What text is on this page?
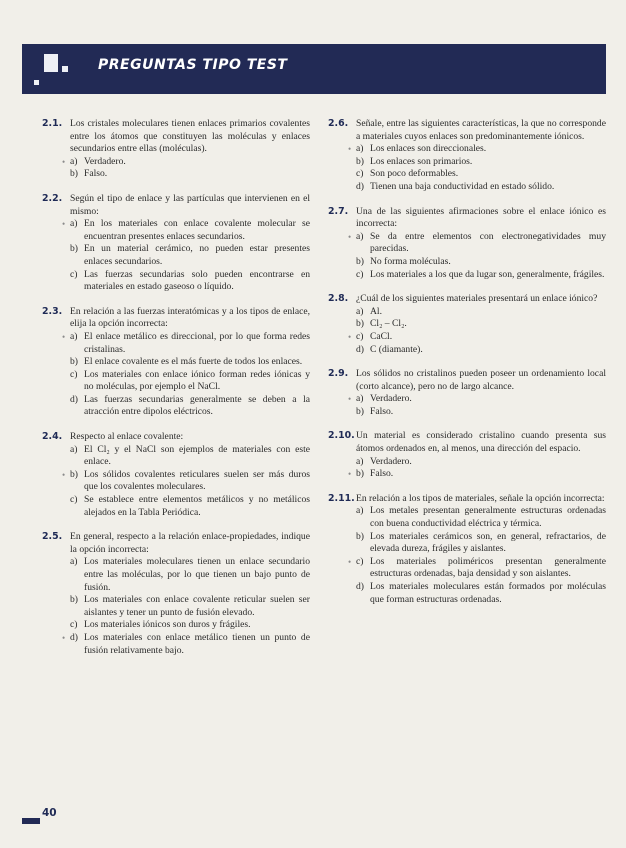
PREGUNTAS TIPO TEST
2.1. Los cristales moleculares tienen enlaces primarios covalentes entre los átomos que constituyen las moléculas y enlaces secundarios entre ellas (moléculas).
• a) Verdadero.
b) Falso.
2.2. Según el tipo de enlace y las partículas que intervienen en el mismo:
• a) En los materiales con enlace covalente molecular se encuentran presentes enlaces secundarios.
b) En un material cerámico, no pueden estar presentes enlaces secundarios.
c) Las fuerzas secundarias solo pueden encontrarse en materiales en estado gaseoso o líquido.
2.3. En relación a las fuerzas interatómicas y a los tipos de enlace, elija la opción incorrecta:
• a) El enlace metálico es direccional, por lo que forma redes cristalinas.
b) El enlace covalente es el más fuerte de todos los enlaces.
c) Los materiales con enlace iónico forman redes iónicas y no moléculas, por ejemplo el NaCl.
d) Las fuerzas secundarias generalmente se deben a la atracción entre dipolos eléctricos.
2.4. Respecto al enlace covalente:
a) El Cl₂ y el NaCl son ejemplos de materiales con este enlace.
• b) Los sólidos covalentes reticulares suelen ser más duros que los covalentes moleculares.
c) Se establece entre elementos metálicos y no metálicos alejados en la Tabla Periódica.
2.5. En general, respecto a la relación enlace-propiedades, indique la opción incorrecta:
a) Los materiales moleculares tienen un enlace secundario entre las moléculas, por lo que tienen un bajo punto de fusión.
b) Los materiales con enlace covalente reticular suelen ser aislantes y tener un punto de fusión elevado.
c) Los materiales iónicos son duros y frágiles.
• d) Los materiales con enlace metálico tienen un punto de fusión relativamente bajo.
2.6. Señale, entre las siguientes características, la que no corresponde a materiales cuyos enlaces son predominantemente iónicos.
• a) Los enlaces son direccionales.
b) Los enlaces son primarios.
c) Son poco deformables.
d) Tienen una baja conductividad en estado sólido.
2.7. Una de las siguientes afirmaciones sobre el enlace iónico es incorrecta:
• a) Se da entre elementos con electronegatividades muy parecidas.
b) No forma moléculas.
c) Los materiales a los que da lugar son, generalmente, frágiles.
2.8. ¿Cuál de los siguientes materiales presentará un enlace iónico?
a) Al.
b) Cl₂ – Cl₂.
• c) CaCl.
d) C (diamante).
2.9. Los sólidos no cristalinos pueden poseer un ordenamiento local (corto alcance), pero no de largo alcance.
• a) Verdadero.
b) Falso.
2.10. Un material es considerado cristalino cuando presenta sus átomos ordenados en, al menos, una dirección del espacio.
a) Verdadero.
• b) Falso.
2.11. En relación a los tipos de materiales, señale la opción incorrecta:
a) Los metales presentan generalmente estructuras ordenadas con buena conductividad eléctrica y térmica.
b) Los materiales cerámicos son, en general, refractarios, de elevada dureza, frágiles y aislantes.
• c) Los materiales poliméricos presentan generalmente estructuras ordenadas, baja densidad y son aislantes.
d) Los materiales moleculares están formados por moléculas que forman estructuras ordenadas.
40
